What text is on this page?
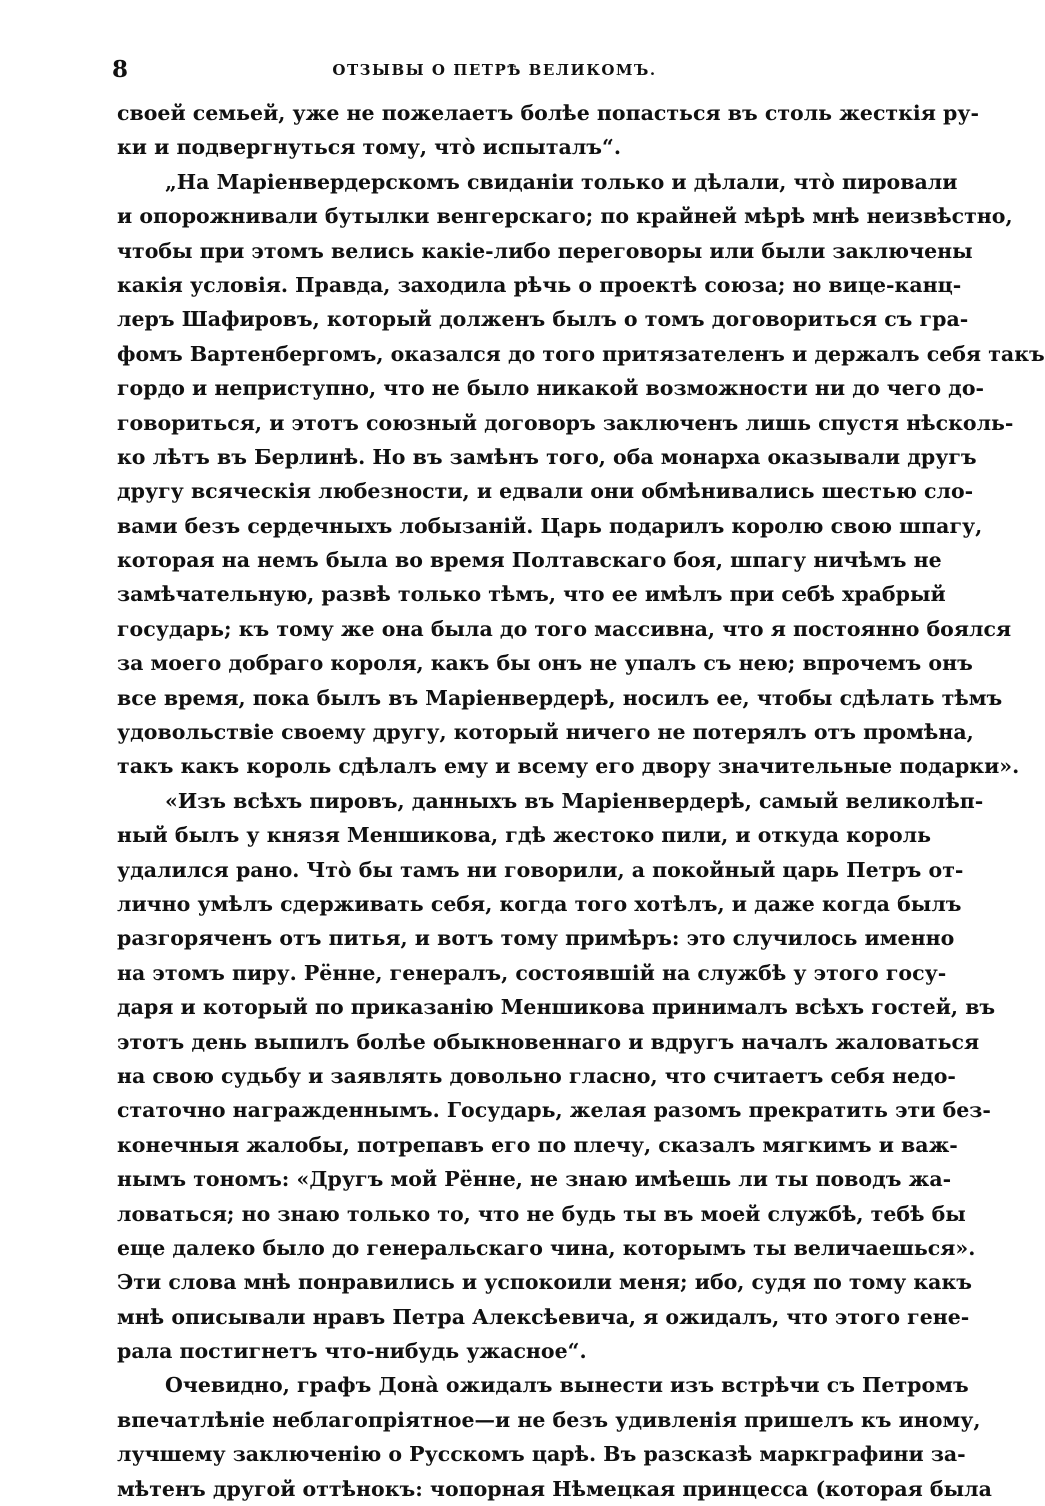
8	ОТЗЫВЫ О ПЕТРѢ ВЕЛИКОМЪ.
своей семьей, уже не пожелаетъ болѣе попасться въ столь жесткія ру-
ки и подвергнуться тому, что̀ испыталъ“.
„На Маріенвердерскомъ свиданіи только и дѣлали, что̀ пировали
и опорожнивали бутылки венгерскаго; по крайней мѣрѣ мнѣ неизвѣстно,
чтобы при этомъ велись какіе-либо переговоры или были заключены
какія условія. Правда, заходила рѣчь о проектѣ союза; но вице-канц-
леръ Шафировъ, который долженъ былъ о томъ договориться съ гра-
фомъ Вартенбергомъ, оказался до того притязателенъ и держалъ себя такъ
гордо и неприступно, что не было никакой возможности ни до чего до-
говориться, и этотъ союзный договоръ заключенъ лишь спустя нѣсколь-
ко лѣтъ въ Берлинѣ. Но въ замѣнъ того, оба монарха оказывали другъ
другу всяческія любезности, и едвали они обмѣнивались шестью сло-
вами безъ сердечныхъ лобызаній. Царь подарилъ королю свою шпагу,
которая на немъ была во время Полтавскаго боя, шпагу ничѣмъ не
замѣчательную, развѣ только тѣмъ, что ее имѣлъ при себѣ храбрый
государь; къ тому же она была до того массивна, что я постоянно боялся
за моего добраго короля, какъ бы онъ не упалъ съ нею; впрочемъ онъ
все время, пока былъ въ Маріенвердерѣ, носилъ ее, чтобы сдѣлать тѣмъ
удовольствіе своему другу, который ничего не потерялъ отъ промѣна,
такъ какъ король сдѣлалъ ему и всему его двору значительные подарки».
«Изъ всѣхъ пировъ, данныхъ въ Маріенвердерѣ, самый великолѣп-
ный былъ у князя Меншикова, гдѣ жестоко пили, и откуда король
удалился рано. Что̀ бы тамъ ни говорили, а покойный царь Петръ от-
лично умѣлъ сдерживать себя, когда того хотѣлъ, и даже когда былъ
разгоряченъ отъ питья, и вотъ тому примѣръ: это случилось именно
на этомъ пиру. Рённе, генералъ, состоявшій на службѣ у этого госу-
даря и который по приказанію Меншикова принималъ всѣхъ гостей, въ
этотъ день выпилъ болѣе обыкновеннаго и вдругъ началъ жаловаться
на свою судьбу и заявлять довольно гласно, что считаетъ себя недо-
статочно награжденнымъ. Государь, желая разомъ прекратить эти без-
конечныя жалобы, потрепавъ его по плечу, сказалъ мягкимъ и важ-
нымъ тономъ: «Другъ мой Рённе, не знаю имѣешь ли ты поводъ жа-
ловаться; но знаю только то, что не будь ты въ моей службѣ, тебѣ бы
еще далеко было до генеральскаго чина, которымъ ты величаешься».
Эти слова мнѣ понравились и успокоили меня; ибо, судя по тому какъ
мнѣ описывали нравъ Петра Алексѣевича, я ожидалъ, что этого гене-
рала постигнетъ что-нибудь ужасное“.
Очевидно, графъ Донà ожидалъ вынести изъ встрѣчи съ Петромъ
впечатлѣніе неблагопріятное—и не безъ удивленія пришелъ къ иному,
лучшему заключенію о Русскомъ царѣ. Въ разсказѣ маркграфини за-
мѣтенъ другой оттѣнокъ: чопорная Нѣмецкая принцесса (которая была
